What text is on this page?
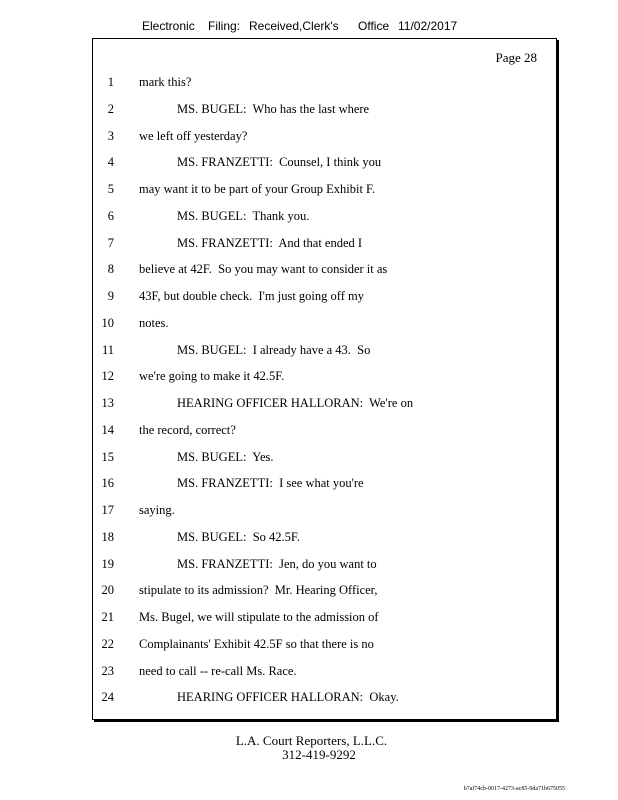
Electronic Filing: Received,Clerk's Office 11/02/2017
Page 28
1 mark this?
2	MS. BUGEL:  Who has the last where
3 we left off yesterday?
4	MS. FRANZETTI:  Counsel, I think you
5 may want it to be part of your Group Exhibit F.
6	MS. BUGEL:  Thank you.
7	MS. FRANZETTI:  And that ended I
8 believe at 42F.  So you may want to consider it as
9 43F, but double check.  I'm just going off my
10 notes.
11	MS. BUGEL:  I already have a 43.  So
12 we're going to make it 42.5F.
13	HEARING OFFICER HALLORAN:  We're on
14 the record, correct?
15	MS. BUGEL:  Yes.
16	MS. FRANZETTI:  I see what you're
17 saying.
18	MS. BUGEL:  So 42.5F.
19	MS. FRANZETTI:  Jen, do you want to
20 stipulate to its admission?  Mr. Hearing Officer,
21 Ms. Bugel, we will stipulate to the admission of
22 Complainants' Exhibit 42.5F so that there is no
23 need to call -- re-call Ms. Race.
24	HEARING OFFICER HALLORAN:  Okay.
L.A. Court Reporters, L.L.C.
312-419-9292
b7af74cb-0017-4273-ac85-9da71b675055
